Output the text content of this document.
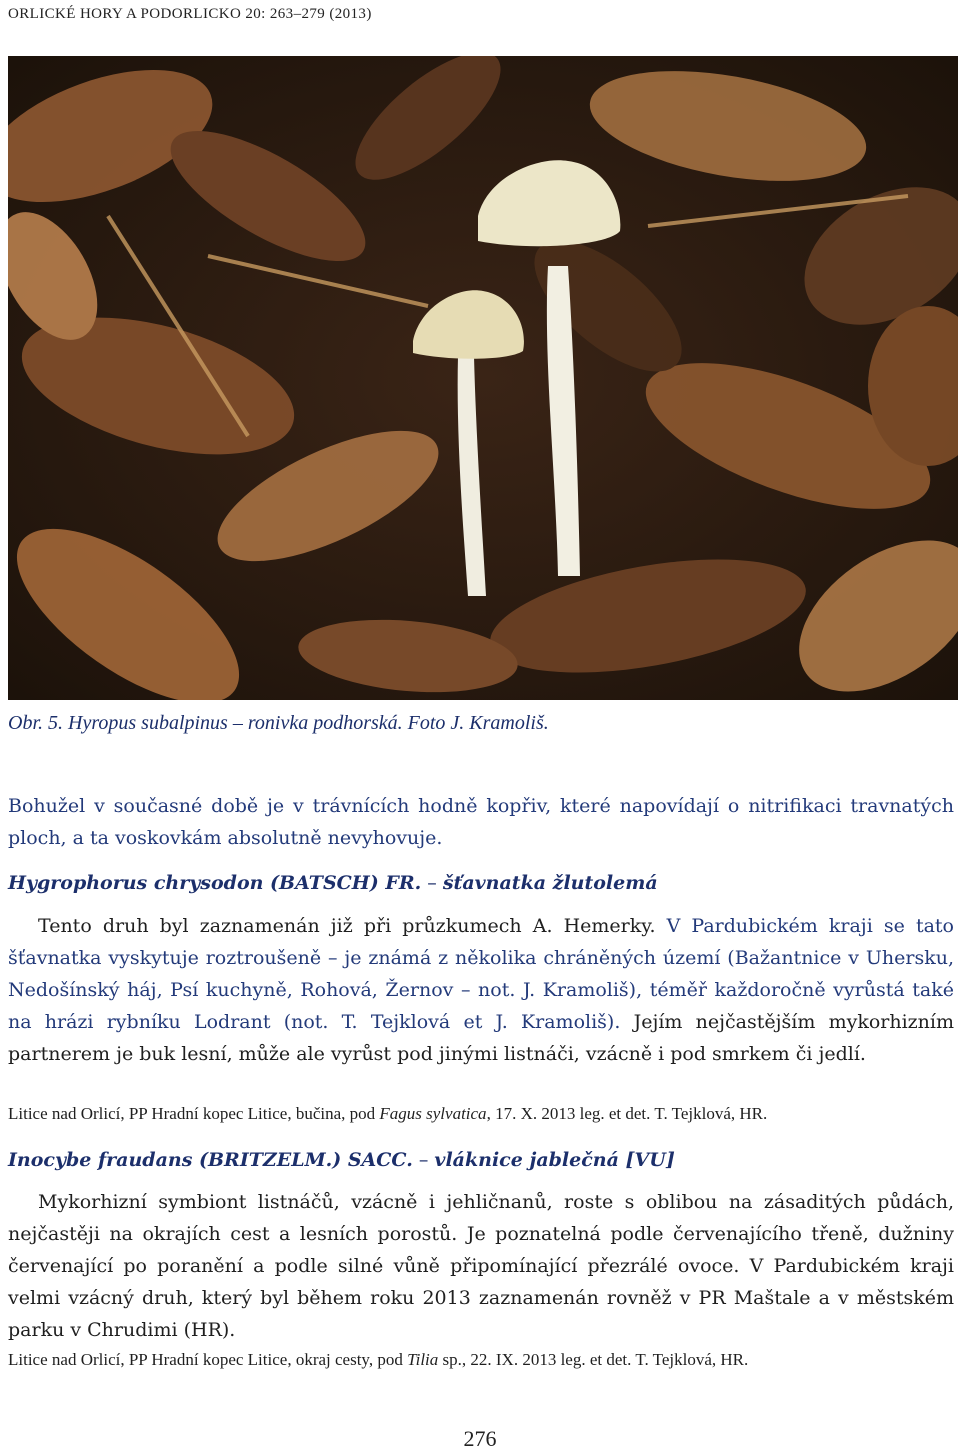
ORLICKÉ HORY A PODORLICKO 20: 263–279 (2013)
Obr. 5. Hyropus subalpinus – ronivka podhorská. Foto J. Kramoliš.
Bohužel v současné době je v trávnících hodně kopřiv, které napovídají o nitrifikaci travnatých ploch, a ta voskovkám absolutně nevyhovuje.
Hygrophorus chrysodon (BATSCH) FR. – šťavnatka žlutolemá
Tento druh byl zaznamenán již při průzkumech A. Hemerky. V Pardubickém kraji se tato šťavnatka vyskytuje roztroušeně – je známá z několika chráněných území (Bažantnice v Uhersku, Nedošínský háj, Psí kuchyně, Rohová, Žernov – not. J. Kramoliš), téměř každoročně vyrůstá také na hrázi rybníku Lodrant (not. T. Tejklová et J. Kramoliš). Jejím nejčastějším mykorhizním partnerem je buk lesní, může ale vyrůst pod jinými listnáči, vzácně i pod smrkem či jedlí.
Litice nad Orlicí, PP Hradní kopec Litice, bučina, pod Fagus sylvatica, 17. X. 2013 leg. et det. T. Tejklová, HR.
Inocybe fraudans (BRITZELM.) SACC. – vláknice jablečná [VU]
Mykorhizní symbiont listnáčů, vzácně i jehličnanů, roste s oblibou na zásaditých půdách, nejčastěji na okrajích cest a lesních porostů. Je poznatelná podle červenajícího třeně, dužniny červenající po poranění a podle silné vůně připomínající přezrálé ovoce. V Pardubickém kraji velmi vzácný druh, který byl během roku 2013 zaznamenán rovněž v PR Maštale a v městském parku v Chrudimi (HR).
Litice nad Orlicí, PP Hradní kopec Litice, okraj cesty, pod Tilia sp., 22. IX. 2013 leg. et det. T. Tejklová, HR.
276
